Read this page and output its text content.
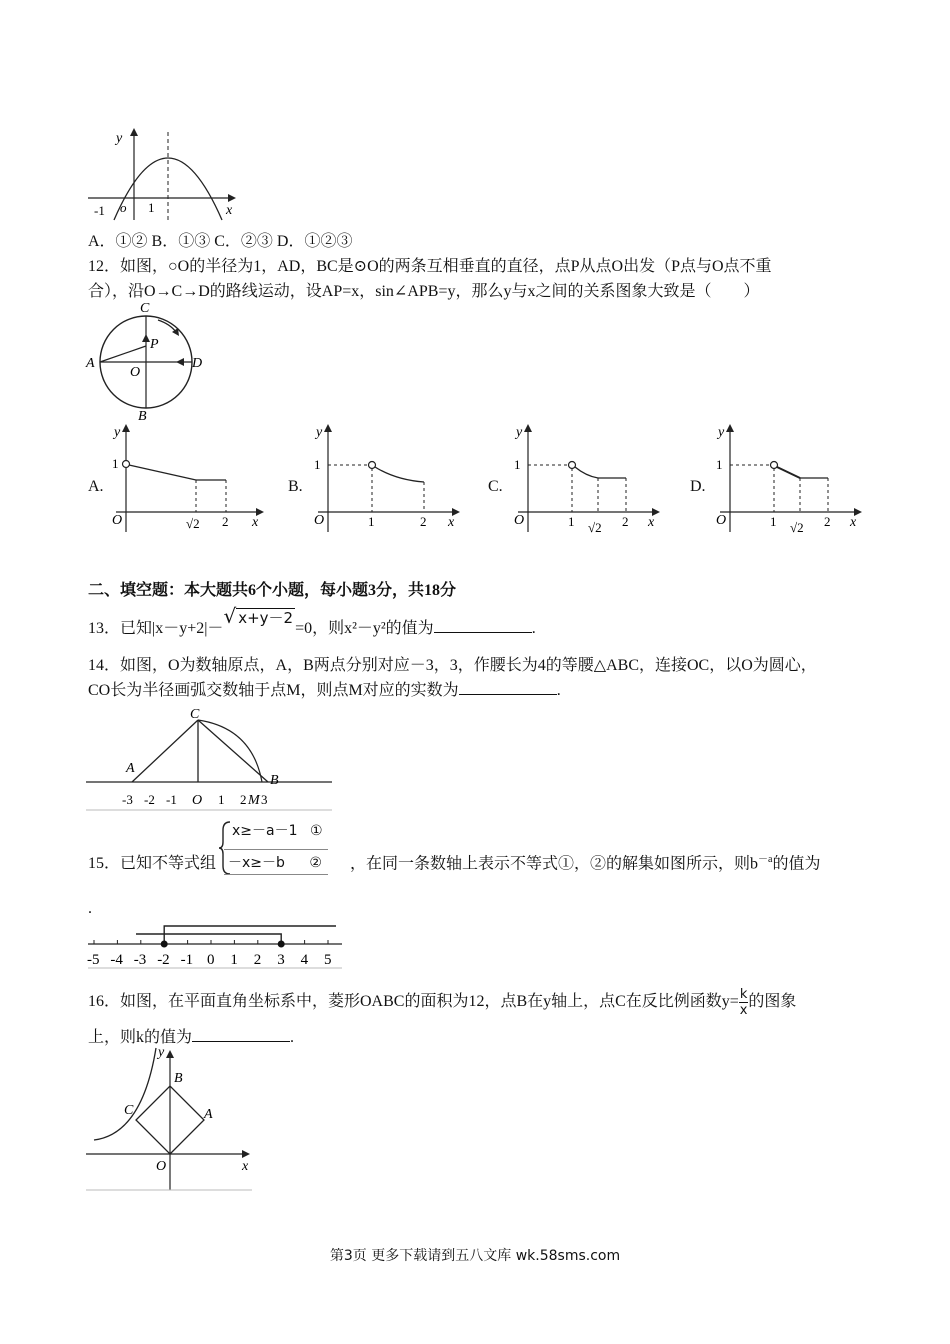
y
x
-1 o 1
A．①② B．①③ C．②③ D．①②③
12．如图，○O的半径为1，AD，BC是⊙O的两条互相垂直的直径，点P从点O出发（P点与O点不重
合），沿O→C→D的路线运动，设AP=x，sin∠APB=y，那么y与x之间的关系图象大致是（　　）
C
A	D
B
O
P
A.
y
1
O	√2 2 x
B.
y
1
O	1	2 x
C.
y
1
O	1 √2 2 x
D.
y
1
O	1 √2 2 x
二、填空题：本大题共6个小题，每小题3分，共18分
13．已知|x－y+2|－√ x+y－2=0，则x²－y²的值为	.
14．如图，O为数轴原点，A，B两点分别对应－3，3，作腰长为4的等腰△ABC，连接OC，以O为圆心，
CO长为半径画弧交数轴于点M，则点M对应的实数为	.
C
A
B
-3 -2 -1 O 1 2 M 3
15．已知不等式组
x≥－a－1 ①
－x≥－b ②	，在同一条数轴上表示不等式①，②的解集如图所示，则$b^{-a}$的值为
.
-5 -4 -3 -2 -1 0 1 2 3 4 5
16．如图，在平面直角坐标系中，菱形OABC的面积为12，点B在y轴上，点C在反比例函数$y= \frac{k}{x}$ 的图象
上，则k的值为	.
y
B
C	A
O	x
第3页 更多下载请到五八文库 wk.58sms.com
